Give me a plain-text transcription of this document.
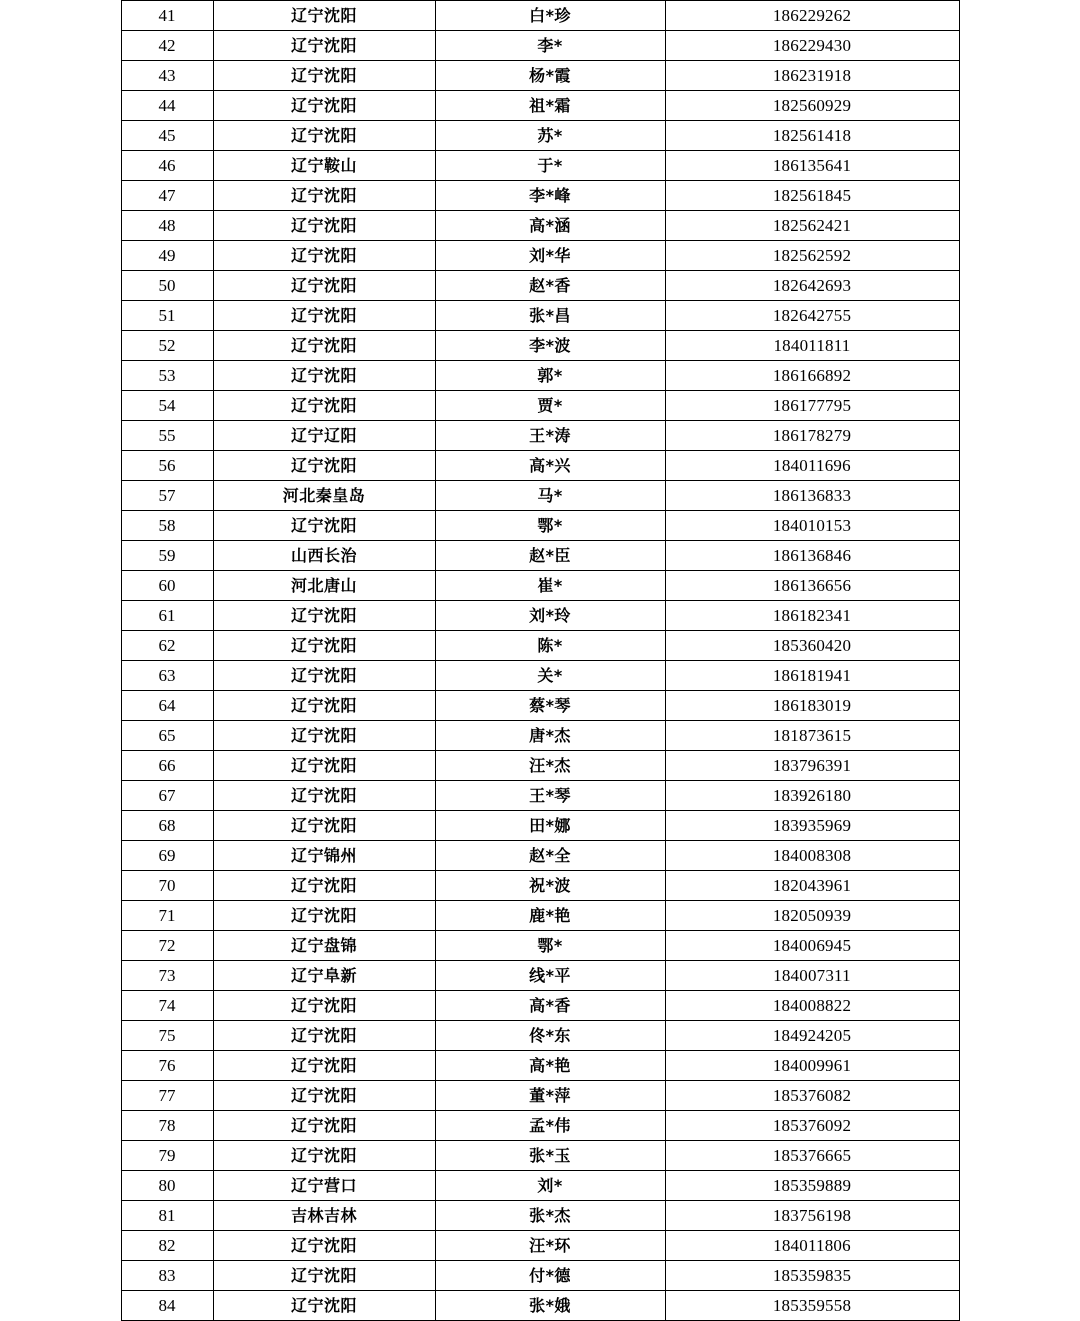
41	辽宁沈阳	白*珍	186229262
42	辽宁沈阳	李*	186229430
43	辽宁沈阳	杨*霞	186231918
44	辽宁沈阳	祖*霜	182560929
45	辽宁沈阳	苏*	182561418
46	辽宁鞍山	于*	186135641
47	辽宁沈阳	李*峰	182561845
48	辽宁沈阳	高*涵	182562421
49	辽宁沈阳	刘*华	182562592
50	辽宁沈阳	赵*香	182642693
51	辽宁沈阳	张*昌	182642755
52	辽宁沈阳	李*波	184011811
53	辽宁沈阳	郭*	186166892
54	辽宁沈阳	贾*	186177795
55	辽宁辽阳	王*涛	186178279
56	辽宁沈阳	高*兴	184011696
57	河北秦皇岛	马*	186136833
58	辽宁沈阳	鄂*	184010153
59	山西长治	赵*臣	186136846
60	河北唐山	崔*	186136656
61	辽宁沈阳	刘*玲	186182341
62	辽宁沈阳	陈*	185360420
63	辽宁沈阳	关*	186181941
64	辽宁沈阳	蔡*琴	186183019
65	辽宁沈阳	唐*杰	181873615
66	辽宁沈阳	汪*杰	183796391
67	辽宁沈阳	王*琴	183926180
68	辽宁沈阳	田*娜	183935969
69	辽宁锦州	赵*全	184008308
70	辽宁沈阳	祝*波	182043961
71	辽宁沈阳	鹿*艳	182050939
72	辽宁盘锦	鄂*	184006945
73	辽宁阜新	线*平	184007311
74	辽宁沈阳	高*香	184008822
75	辽宁沈阳	佟*东	184924205
76	辽宁沈阳	高*艳	184009961
77	辽宁沈阳	董*萍	185376082
78	辽宁沈阳	孟*伟	185376092
79	辽宁沈阳	张*玉	185376665
80	辽宁营口	刘*	185359889
81	吉林吉林	张*杰	183756198
82	辽宁沈阳	汪*环	184011806
83	辽宁沈阳	付*德	185359835
84	辽宁沈阳	张*娥	185359558
